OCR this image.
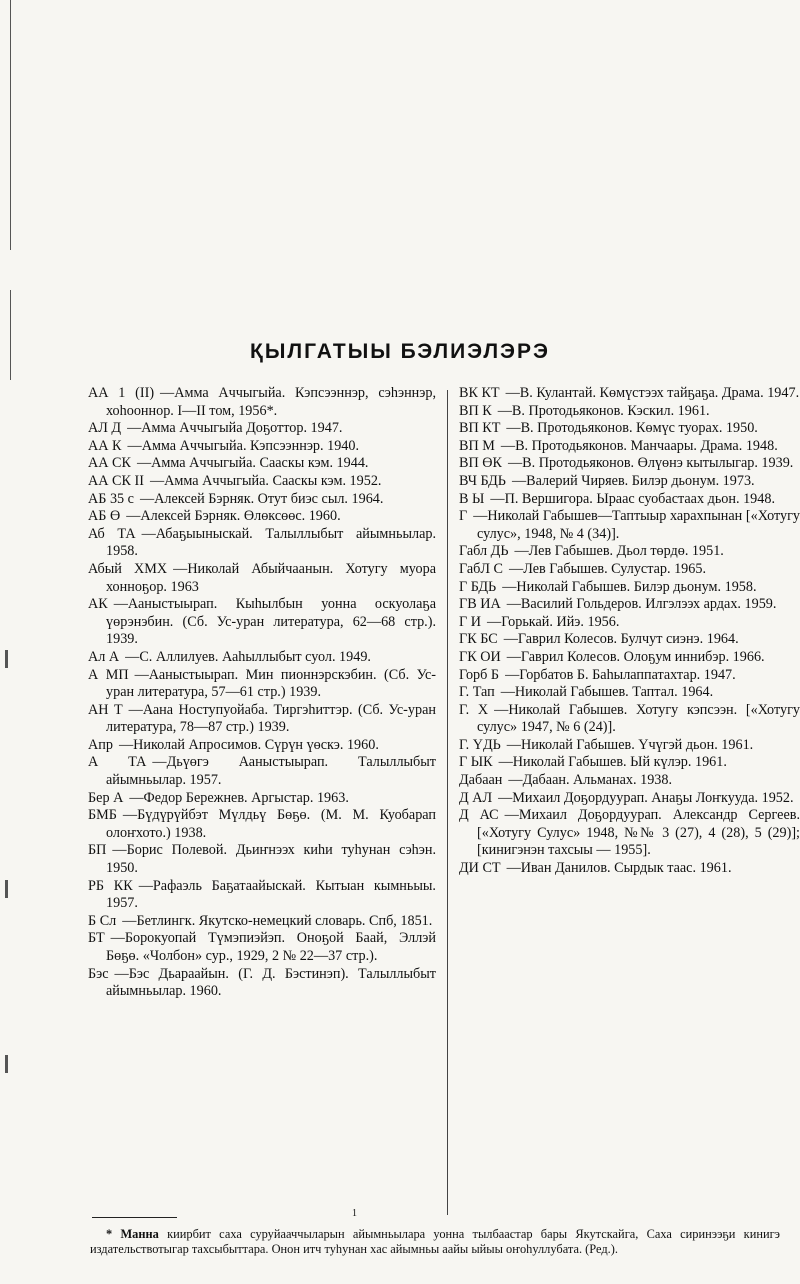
ҚЫЛГАТЫЫ БЭЛИЭЛЭРЭ

АА 1 (II) —Амма Аччыгыйа. Кэпсээннэр, сэhэннэр, хоhооннор. I—II том, 1956*.

АЛ Д —Амма Аччыгыйа Доҕоттор. 1947.

АА К —Амма Аччыгыйа. Кэпсээннэр. 1940.

АА СК —Амма Аччыгыйа. Сааскы кэм. 1944.

АА СК II —Амма Аччыгыйа. Сааскы кэм. 1952.

АБ 35 с —Алексей Бэрняк. Отут биэс сыл. 1964.

АБ Ө —Алексей Бэрняк. Өлөксөөс. 1960.

Аб ТА —Абаҕыыныскай. Талыллыбыт айымньылар. 1958.

Абый ХМХ —Николай Абыйчаанын. Хотугу муора хонноҕор. 1963

АК —Ааныстыырап. Кыhылбын уонна оскуолаҕа үөрэнэбин. (Сб. Ус-уран литература, 62—68 стр.). 1939.

Ал А —С. Аллилуев. Ааhыллыбыт суол. 1949.

А МП —Ааныстыырап. Мин пионнэрскэбин. (Сб. Ус-уран литература, 57—61 стр.) 1939.

АН Т —Аана Ноступуойаба. Тиргэhиттэр. (Сб. Ус-уран литература, 78—87 стр.) 1939.

Апр —Николай Апросимов. Сүрүн үөскэ. 1960.

А ТА —Дьүөгэ Ааныстыырап. Талыллыбыт айымньылар. 1957.

Бер А —Федор Бережнев. Аргыстар. 1963.

БМБ —Бүдүрүйбэт Мүлдьү Бөҕө. (М. М. Куобарап олоҥхото.) 1938.

БП —Борис Полевой. Дьиҥнээх киhи туhунан сэhэн. 1950.

РБ КК —Рафаэль Баҕатаайыскай. Кытыан кымньыы. 1957.

Б Сл —Бетлингк. Якутско-немецкий словарь. Спб, 1851.

БТ —Борокуопай Түмэпиэйэп. Оноҕой Баай, Эллэй Бөҕө. «Чолбон» сур., 1929, 2 № 22—37 стр.).

Бэс —Бэс Дьараайын. (Г. Д. Бэстинэп). Талыллыбыт айымньылар. 1960.

ВК КТ —В. Кулантай. Көмүстээх тайҕаҕа. Драма. 1947.

ВП К —В. Протодьяконов. Кэскил. 1961.

ВП КТ —В. Протодьяконов. Көмүс туорах. 1950.

ВП М —В. Протодьяконов. Манчаары. Драма. 1948.

ВП ӨК —В. Протодьяконов. Өлүөнэ кытылыгар. 1939.

ВЧ БДЬ —Валерий Чиряев. Билэр дьонум. 1973.

В Ы —П. Вершигора. Ыраас суобастаах дьон. 1948.

Г —Николай Габышев—Таптыыр харахпынан [«Хотугу сулус», 1948, № 4 (34)].

Габл ДЬ —Лев Габышев. Дьол төрдө. 1951.

ГабЛ С —Лев Габышев. Сулустар. 1965.

Г БДЬ —Николай Габышев. Билэр дьонум. 1958.

ГВ ИА —Василий Гольдеров. Илгэлээх ардах. 1959.

Г И —Горькай. Ийэ. 1956.

ГК БС —Гаврил Колесов. Булчут сиэнэ. 1964.

ГК ОИ —Гаврил Колесов. Олоҕум иннибэр. 1966.

Горб Б —Горбатов Б. Баhылаппатахтар. 1947.

Г. Тап —Николай Габышев. Таптал. 1964.

Г. Х —Николай Габышев. Хотугу кэпсээн. [«Хотугу сулус» 1947, № 6 (24)].

Г. ҮДЬ —Николай Габышев. Үчүгэй дьон. 1961.

Г ЫК —Николай Габышев. Ый күлэр. 1961.

Дабаан —Дабаан. Альманах. 1938.

Д АЛ —Михаил Доҕордуурап. Анаҕы Лоҥкуудa. 1952.

Д АС —Михаил Доҕордуурап. Александр Сергеев. [«Хотугу Сулус» 1948, №№ 3 (27), 4 (28), 5 (29)]; [кинигэнэн тахсыы — 1955].

ДИ СТ —Иван Данилов. Сырдык таас. 1961.

1

* Манна киирбит саха суруйааччыларын айымньылара уонна тылбаастар бары Якутскайга, Саха сиринээҕи кинигэ издательствотыгар тахсыбыттара. Онон итч туhунан хас айымньы аайы ыйыы оҥоhуллубата. (Ред.).
